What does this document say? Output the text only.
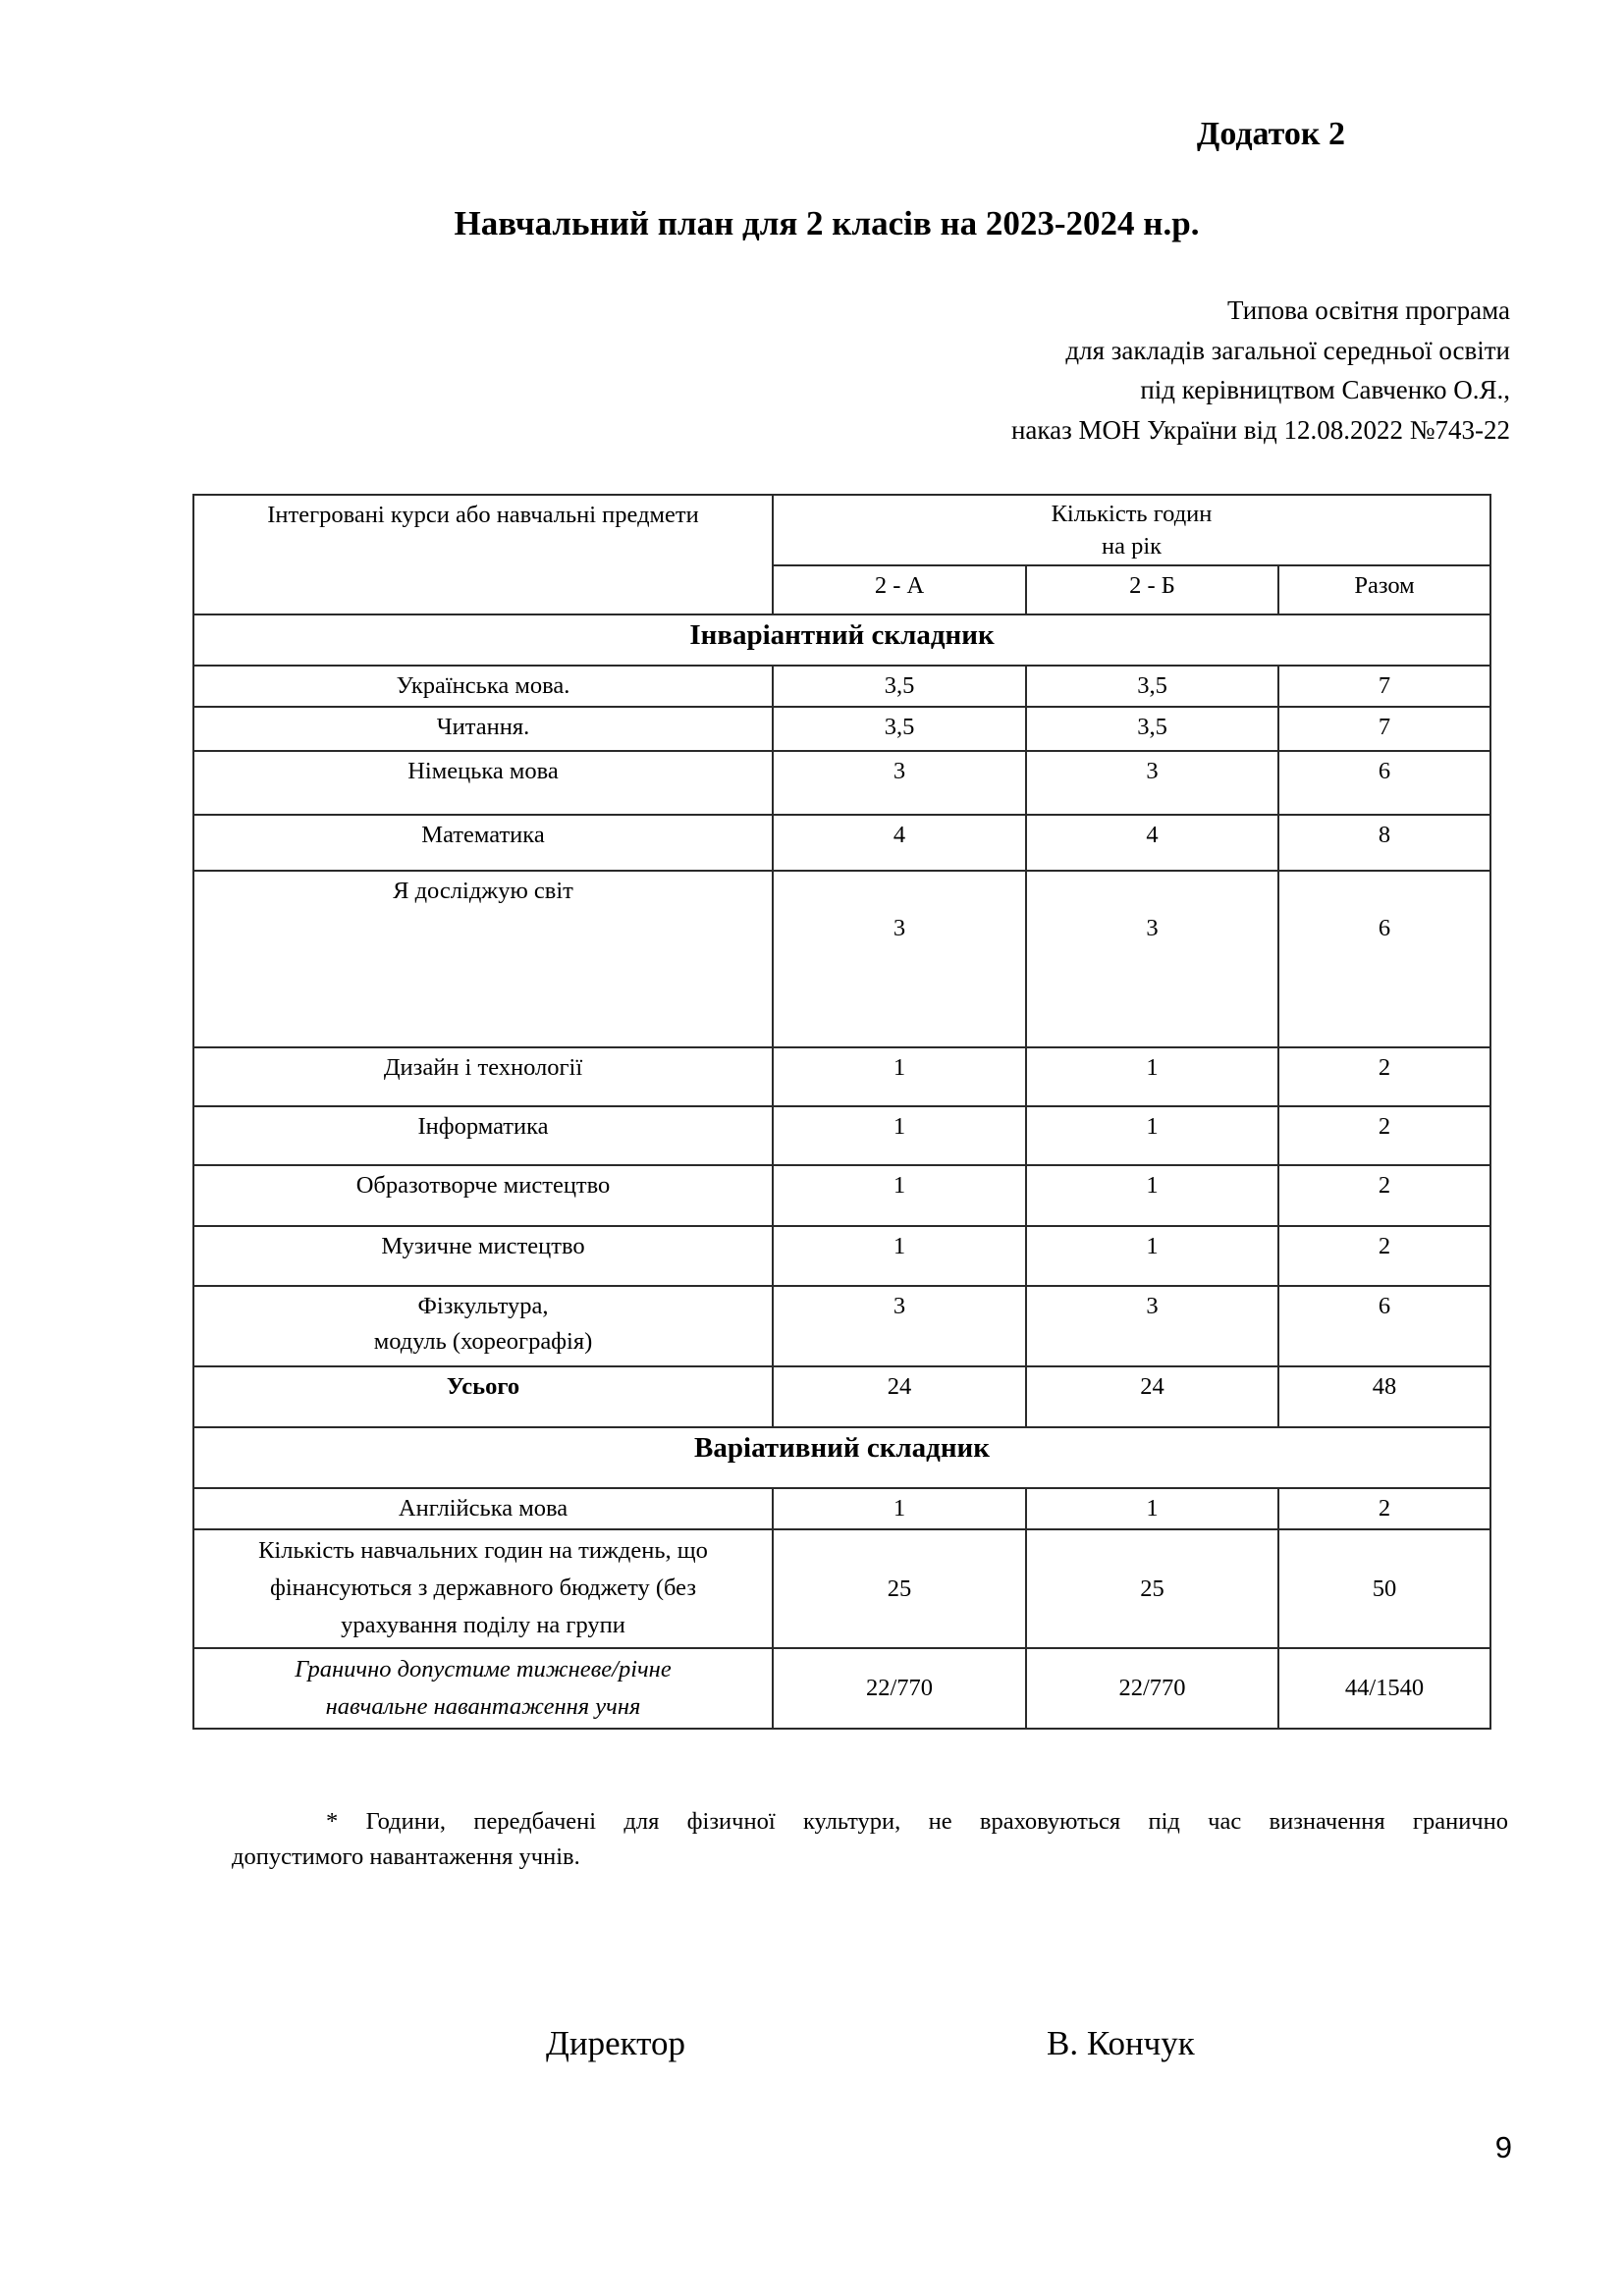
Додаток 2
Навчальний план для 2 класів на 2023-2024 н.р.
Типова освітня програма
для закладів загальної середньої освіти
під керівництвом Савченко О.Я.,
наказ МОН України від 12.08.2022 №743-22
Інтегровані курси або навчальні предмети	Кількість годин
на рік		

	2 - А	2 - Б	Разом
Інваріантний складник			
Українська мова.	3,5	3,5	7
Читання.	3,5	3,5	7
Німецька мова	3	3	6
Математика	4	4	8
Я досліджую світ	3	3	6
Дизайн і технології	1	1	2
Інформатика	1	1	2
Образотворче мистецтво	1	1	2
Музичне мистецтво	1	1	2

Фізкультура,
модуль (хореографія)	3	3	6
Усього	24	24	48
Варіативний складник			
Англійська мова	1	1	2

Кількість навчальних годин на тиждень, що
фінансуються з державного бюджету (без
урахування поділу на групи	25	25	50

Гранично допустиме тижневе/річне
навчальне навантаження учня	22/770	22/770	44/1540
* Години, передбачені для фізичної культури, не враховуються під час визначення гранично
допустимого навантаження учнів.
Директор	В. Кончук
9
